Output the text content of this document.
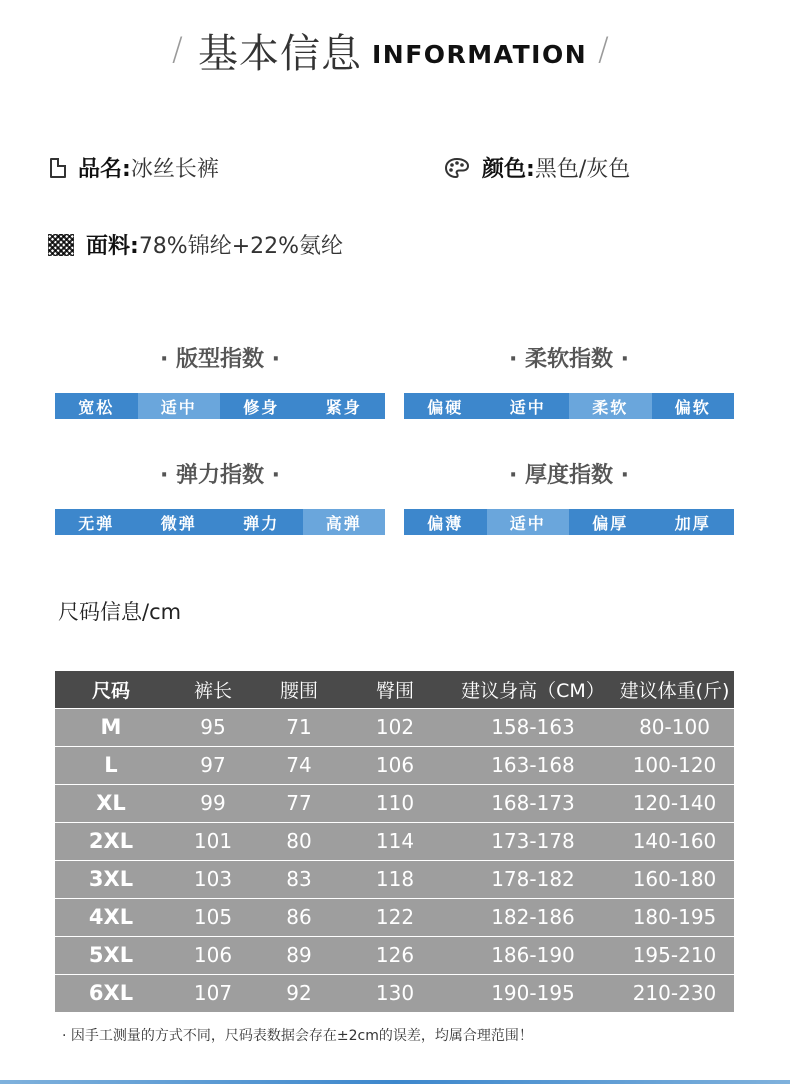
/ 基本信息 INFORMATION /
品名: 冰丝长裤	颜色: 黑色/灰色
面料: 78%锦纶+22%氨纶
· 版型指数 ·
宽松	适中	修身	紧身
· 柔软指数 ·
偏硬	适中	柔软	偏软
· 弹力指数 ·
无弹	微弹	弹力	高弹
· 厚度指数 ·
偏薄	适中	偏厚	加厚
尺码信息/cm
尺码	裤长	腰围	臀围	建议身高（CM）	建议体重(斤)
M	95	71	102	158-163	80-100
L	97	74	106	163-168	100-120
XL	99	77	110	168-173	120-140
2XL	101	80	114	173-178	140-160
3XL	103	83	118	178-182	160-180
4XL	105	86	122	182-186	180-195
5XL	106	89	126	186-190	195-210
6XL	107	92	130	190-195	210-230
· 因手工测量的方式不同，尺码表数据会存在±2cm的误差，均属合理范围！
